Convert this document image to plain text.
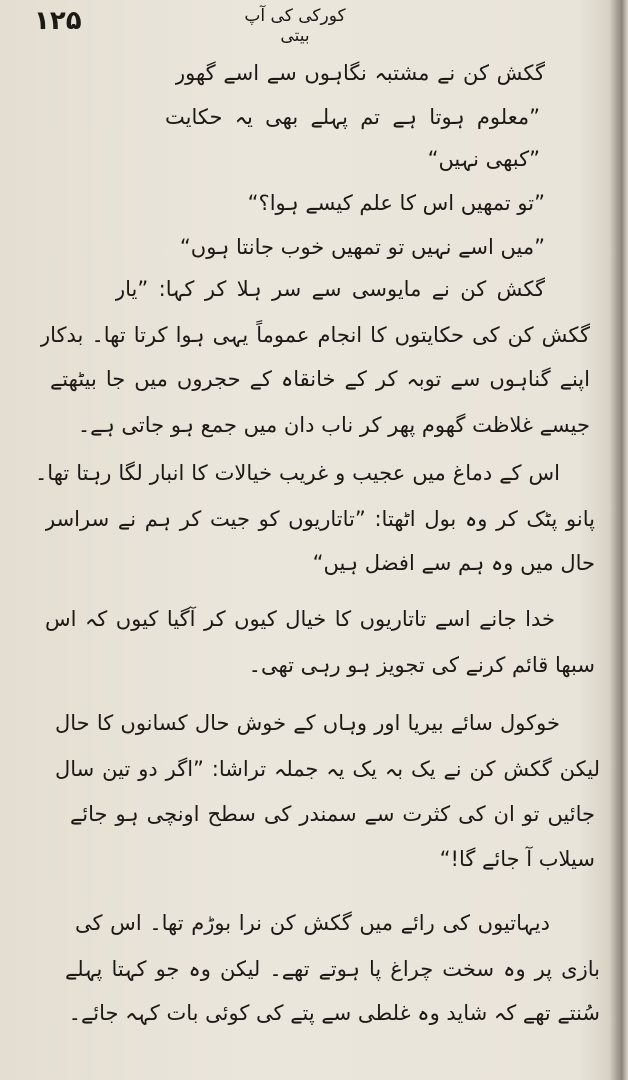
۱۲۵	کورکی کی آپ بیتی
گکش کن نے مشتبہ نگاہوں سے اسے گھور
”معلوم ہوتا ہے تم پہلے بھی یہ حکایت
”کبھی نہیں“
”تو تمھیں اس کا علم کیسے ہوا؟“
”میں اسے نہیں تو تمھیں خوب جانتا ہوں“
گکش کن نے مایوسی سے سر ہلا کر کہا: ”یار
گکش کن کی حکایتوں کا انجام عموماً یہی ہوا کرتا تھا۔ بدکار
اپنے گناہوں سے توبہ کر کے خانقاہ کے حجروں میں جا بیٹھتے
جیسے غلاظت گھوم پھر کر ناب دان میں جمع ہو جاتی ہے۔
اس کے دماغ میں عجیب و غریب خیالات کا انبار لگا رہتا تھا۔
پانو پٹک کر وہ بول اٹھتا: ”تاتاریوں کو جیت کر ہم نے سراسر
حال میں وہ ہم سے افضل ہیں“
خدا جانے اسے تاتاریوں کا خیال کیوں کر آگیا کیوں کہ اس
سبھا قائم کرنے کی تجویز ہو رہی تھی۔
خوکول سائے بیریا اور وہاں کے خوش حال کسانوں کا حال
لیکن گکش کن نے یک بہ یک یہ جملہ تراشا: ”اگر دو تین سال
جائیں تو ان کی کثرت سے سمندر کی سطح اونچی ہو جائے
سیلاب آ جائے گا!“
دیہاتیوں کی رائے میں گکش کن نرا بوڑم تھا۔ اس کی
بازی پر وہ سخت چراغ پا ہوتے تھے۔ لیکن وہ جو کہتا پہلے
سُنتے تھے کہ شاید وہ غلطی سے پتے کی کوئی بات کہہ جائے۔
